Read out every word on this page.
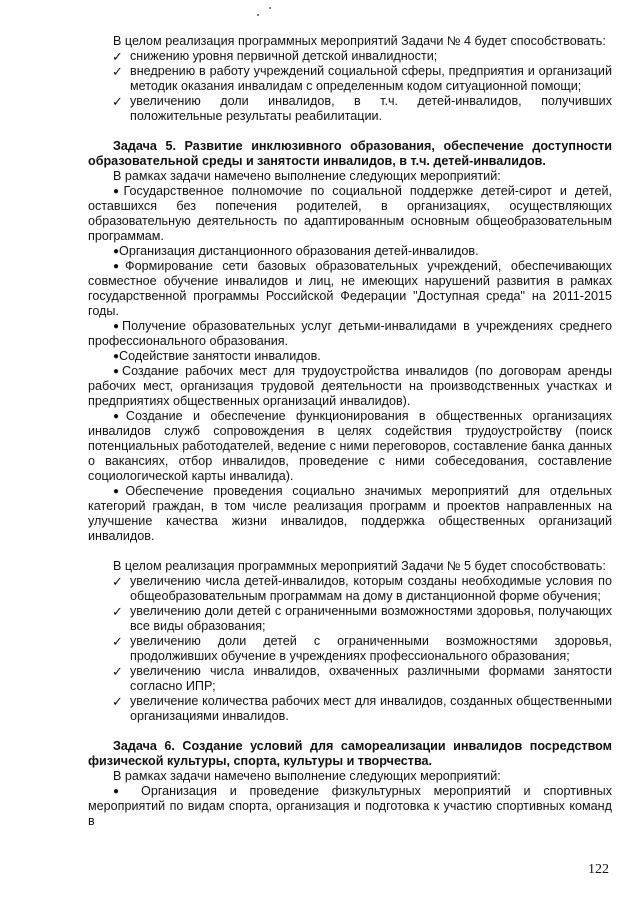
В целом реализация программных мероприятий Задачи № 4 будет способствовать:

✓ снижению уровня первичной детской инвалидности;
✓ внедрению в работу учреждений социальной сферы, предприятия и организаций методик оказания инвалидам с определенным кодом ситуационной помощи;
✓ увеличению доли инвалидов, в т.ч. детей-инвалидов, получивших положительные результаты реабилитации.

Задача 5. Развитие инклюзивного образования, обеспечение доступности образовательной среды и занятости инвалидов, в т.ч. детей-инвалидов.

В рамках задачи намечено выполнение следующих мероприятий:

●Государственное полномочие по социальной поддержке детей-сирот и детей, оставшихся без попечения родителей, в организациях, осуществляющих образовательную деятельность по адаптированным основным общеобразовательным программам.

●Организация дистанционного образования детей-инвалидов.

●Формирование сети базовых образовательных учреждений, обеспечивающих совместное обучение инвалидов и лиц, не имеющих нарушений развития в рамках государственной программы Российской Федерации "Доступная среда" на 2011-2015 годы.

●Получение образовательных услуг детьми-инвалидами в учреждениях среднего профессионального образования.

●Содействие занятости инвалидов.

●Создание рабочих мест для трудоустройства инвалидов (по договорам аренды рабочих мест, организация трудовой деятельности на производственных участках и предприятиях общественных организаций инвалидов).

●Создание и обеспечение функционирования в общественных организациях инвалидов служб сопровождения в целях содействия трудоустройству (поиск потенциальных работодателей, ведение с ними переговоров, составление банка данных о вакансиях, отбор инвалидов, проведение с ними собеседования, составление социологической карты инвалида).

●Обеспечение проведения социально значимых мероприятий для отдельных категорий граждан, в том числе реализация программ и проектов направленных на улучшение качества жизни инвалидов, поддержка общественных организаций инвалидов.

В целом реализация программных мероприятий Задачи № 5 будет способствовать:

✓ увеличению числа детей-инвалидов, которым созданы необходимые условия по общеобразовательным программам на дому в дистанционной форме обучения;
✓ увеличению доли детей с ограниченными возможностями здоровья, получающих все виды образования;
✓ увеличению доли детей с ограниченными возможностями здоровья, продолживших обучение в учреждениях профессионального образования;
✓ увеличению числа инвалидов, охваченных различными формами занятости согласно ИПР;
✓ увеличение количества рабочих мест для инвалидов, созданных общественными организациями инвалидов.

Задача 6. Создание условий для самореализации инвалидов посредством физической культуры, спорта, культуры и творчества.

В рамках задачи намечено выполнение следующих мероприятий:

● Организация и проведение физкультурных мероприятий и спортивных мероприятий по видам спорта, организация и подготовка к участию спортивных команд в

122
